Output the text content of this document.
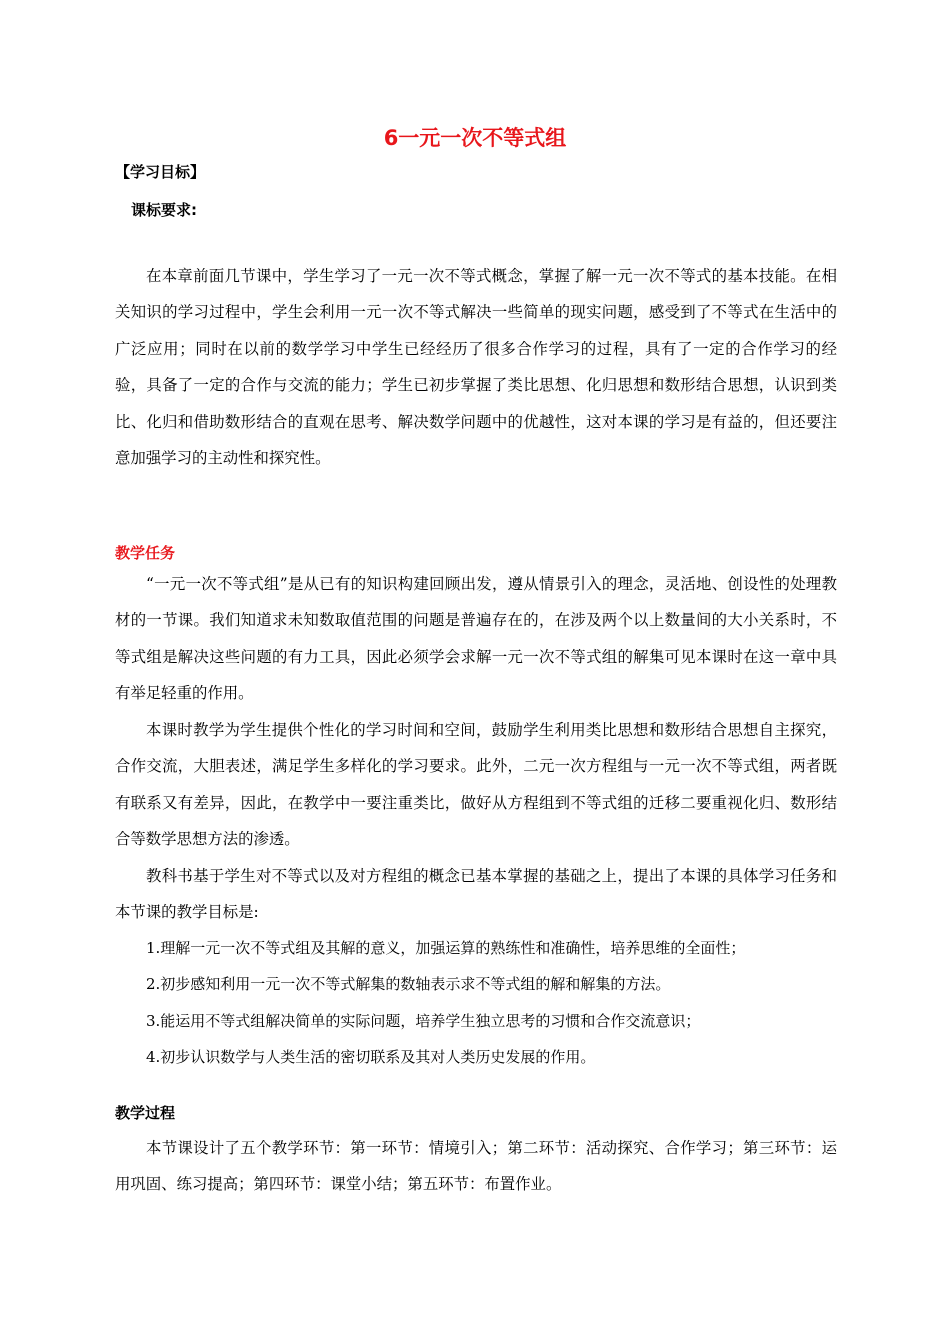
6一元一次不等式组
【学习目标】
课标要求:

在本章前面几节课中，学生学习了一元一次不等式概念，掌握了解一元一次不等式的基本技能。在相关知识的学习过程中，学生会利用一元一次不等式解决一些简单的现实问题，感受到了不等式在生活中的广泛应用；同时在以前的数学学习中学生已经经历了很多合作学习的过程，具有了一定的合作学习的经验，具备了一定的合作与交流的能力；学生已初步掌握了类比思想、化归思想和数形结合思想，认识到类比、化归和借助数形结合的直观在思考、解决数学问题中的优越性，这对本课的学习是有益的，但还要注意加强学习的主动性和探究性。

教学任务

“一元一次不等式组”是从已有的知识构建回顾出发，遵从情景引入的理念，灵活地、创设性的处理教材的一节课。我们知道求未知数取值范围的问题是普遍存在的，在涉及两个以上数量间的大小关系时，不等式组是解决这些问题的有力工具，因此必须学会求解一元一次不等式组的解集可见本课时在这一章中具有举足轻重的作用。

本课时教学为学生提供个性化的学习时间和空间，鼓励学生利用类比思想和数形结合思想自主探究，合作交流，大胆表述，满足学生多样化的学习要求。此外，二元一次方程组与一元一次不等式组，两者既有联系又有差异，因此，在教学中一要注重类比，做好从方程组到不等式组的迁移二要重视化归、数形结合等数学思想方法的渗透。

教科书基于学生对不等式以及对方程组的概念已基本掌握的基础之上，提出了本课的具体学习任务和本节课的教学目标是:

1.理解一元一次不等式组及其解的意义，加强运算的熟练性和准确性，培养思维的全面性；
2.初步感知利用一元一次不等式解集的数轴表示求不等式组的解和解集的方法。
3.能运用不等式组解决简单的实际问题，培养学生独立思考的习惯和合作交流意识；
4.初步认识数学与人类生活的密切联系及其对人类历史发展的作用。
教学过程

本节课设计了五个教学环节：第一环节：情境引入；第二环节：活动探究、合作学习；第三环节：运用巩固、练习提高；第四环节：课堂小结；第五环节：布置作业。
